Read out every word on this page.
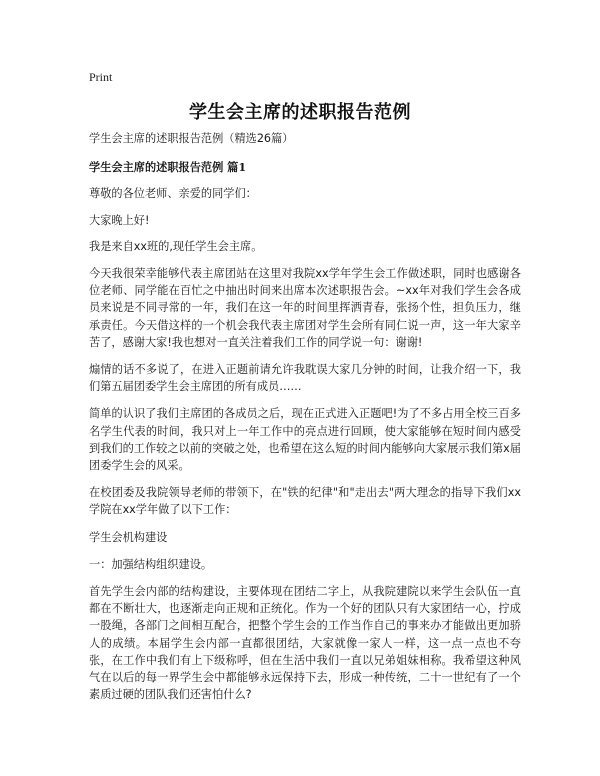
Print
学生会主席的述职报告范例

学生会主席的述职报告范例（精选26篇）

学生会主席的述职报告范例 篇1

尊敬的各位老师、亲爱的同学们：

大家晚上好!

我是来自xx班的,现任学生会主席。

今天我很荣幸能够代表主席团站在这里对我院xx学年学生会工作做述职，同时也感谢各位老师、同学能在百忙之中抽出时间来出席本次述职报告会。~xx年对我们学生会各成员来说是不同寻常的一年，我们在这一年的时间里挥洒青春，张扬个性，担负压力，继承责任。今天借这样的一个机会我代表主席团对学生会所有同仁说一声，这一年大家辛苦了，感谢大家!我也想对一直关注着我们工作的同学说一句：谢谢!

煽情的话不多说了，在进入正题前请允许我耽误大家几分钟的时间，让我介绍一下，我们第五届团委学生会主席团的所有成员……

简单的认识了我们主席团的各成员之后，现在正式进入正题吧!为了不多占用全校三百多名学生代表的时间，我只对上一年工作中的亮点进行回顾，使大家能够在短时间内感受到我们的工作较之以前的突破之处，也希望在这么短的时间内能够向大家展示我们第x届团委学生会的风采。

在校团委及我院领导老师的带领下，在"铁的纪律"和"走出去"两大理念的指导下我们xx学院在xx学年做了以下工作：

学生会机构建设

一：加强结构组织建设。

首先学生会内部的结构建设，主要体现在团结二字上，从我院建院以来学生会队伍一直都在不断壮大，也逐渐走向正规和正统化。作为一个好的团队只有大家团结一心，拧成一股绳，各部门之间相互配合，把整个学生会的工作当作自己的事来办才能做出更加骄人的成绩。本届学生会内部一直都很团结，大家就像一家人一样，这一点一点也不夸张，在工作中我们有上下级称呼，但在生活中我们一直以兄弟姐妹相称。我希望这种风气在以后的每一界学生会中都能够永远保持下去，形成一种传统，二十一世纪有了一个素质过硬的团队我们还害怕什么?
